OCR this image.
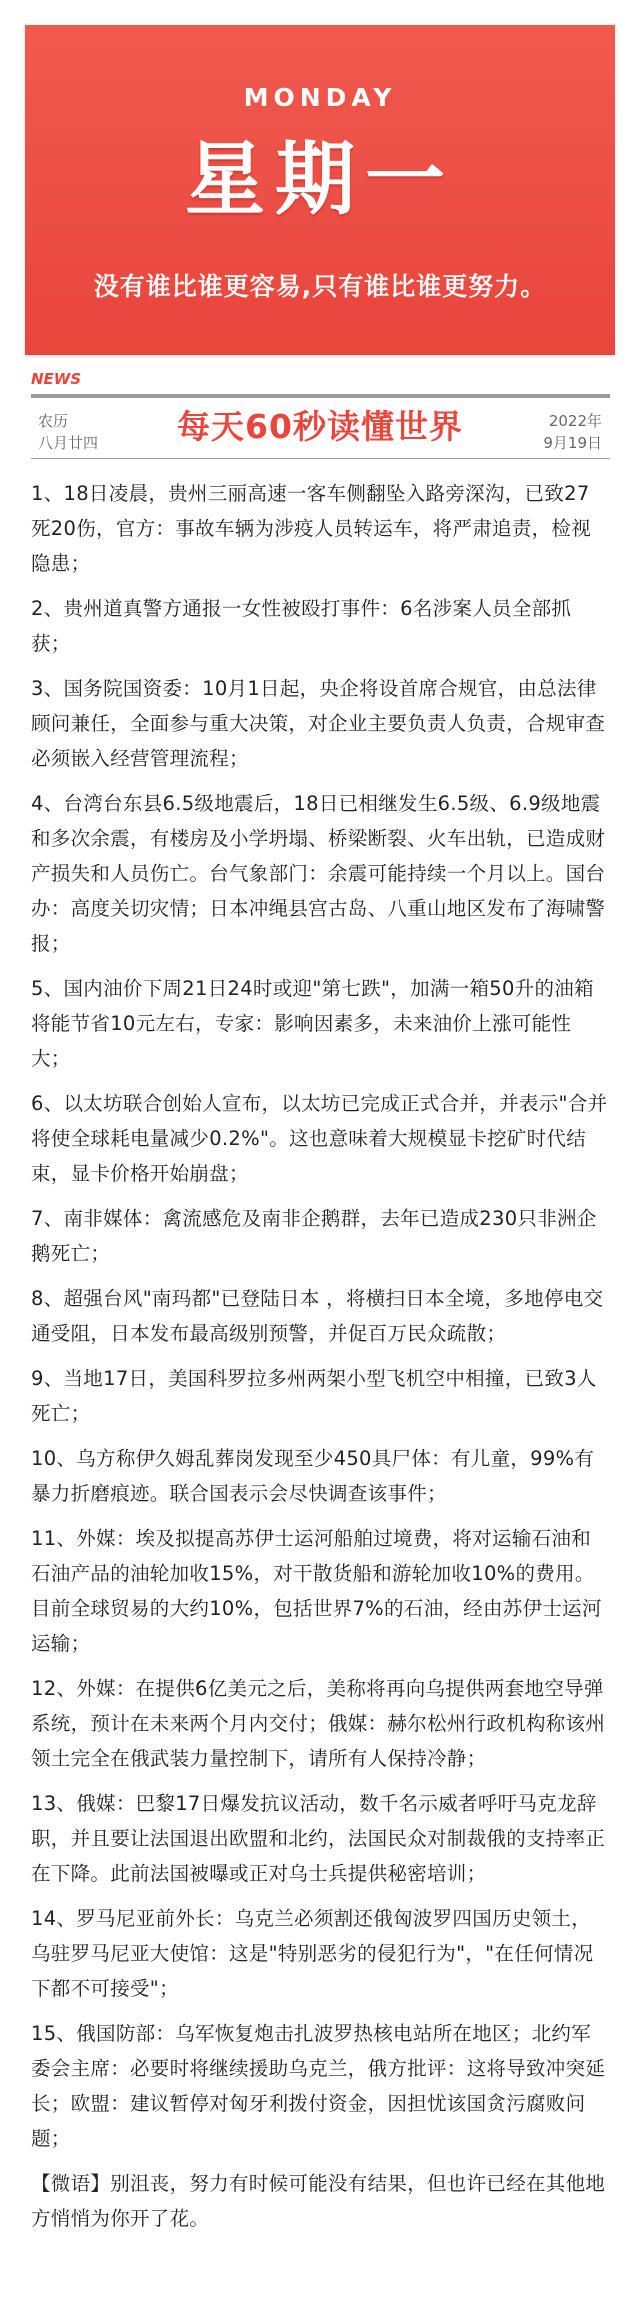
MONDAY
星期一
没有谁比谁更容易,只有谁比谁更努力。
NEWS
农历
八月廿四	每天60秒读懂世界	2022年
9月19日

1、18日凌晨，贵州三丽高速一客车侧翻坠入路旁深沟，已致27死20伤，官方：事故车辆为涉疫人员转运车，将严肃追责，检视隐患；

2、贵州道真警方通报一女性被殴打事件：6名涉案人员全部抓获；

3、国务院国资委：10月1日起，央企将设首席合规官，由总法律顾问兼任，全面参与重大决策，对企业主要负责人负责，合规审查必须嵌入经营管理流程；

4、台湾台东县6.5级地震后，18日已相继发生6.5级、6.9级地震和多次余震，有楼房及小学坍塌、桥梁断裂、火车出轨，已造成财产损失和人员伤亡。台气象部门：余震可能持续一个月以上。国台办：高度关切灾情；日本冲绳县宫古岛、八重山地区发布了海啸警报；

5、国内油价下周21日24时或迎"第七跌"，加满一箱50升的油箱将能节省10元左右，专家：影响因素多，未来油价上涨可能性大；

6、以太坊联合创始人宣布，以太坊已完成正式合并，并表示"合并将使全球耗电量减少0.2%"。这也意味着大规模显卡挖矿时代结束，显卡价格开始崩盘；

7、南非媒体：禽流感危及南非企鹅群，去年已造成230只非洲企鹅死亡；

8、超强台风"南玛都"已登陆日本 ，将横扫日本全境，多地停电交通受阻，日本发布最高级别预警，并促百万民众疏散；

9、当地17日，美国科罗拉多州两架小型飞机空中相撞，已致3人死亡；

10、乌方称伊久姆乱葬岗发现至少450具尸体：有儿童，99%有暴力折磨痕迹。联合国表示会尽快调查该事件；

11、外媒：埃及拟提高苏伊士运河船舶过境费，将对运输石油和石油产品的油轮加收15%，对干散货船和游轮加收10%的费用。目前全球贸易的大约10%，包括世界7%的石油，经由苏伊士运河运输；

12、外媒：在提供6亿美元之后，美称将再向乌提供两套地空导弹系统，预计在未来两个月内交付；俄媒：赫尔松州行政机构称该州领土完全在俄武装力量控制下，请所有人保持冷静；

13、俄媒：巴黎17日爆发抗议活动，数千名示威者呼吁马克龙辞职，并且要让法国退出欧盟和北约，法国民众对制裁俄的支持率正在下降。此前法国被曝或正对乌士兵提供秘密培训；

14、罗马尼亚前外长：乌克兰必须割还俄匈波罗四国历史领土，乌驻罗马尼亚大使馆：这是"特别恶劣的侵犯行为"，"在任何情况下都不可接受"；

15、俄国防部：乌军恢复炮击扎波罗热核电站所在地区；北约军委会主席：必要时将继续援助乌克兰，俄方批评：这将导致冲突延长；欧盟：建议暂停对匈牙利拨付资金，因担忧该国贪污腐败问题；

【微语】别沮丧，努力有时候可能没有结果，但也许已经在其他地方悄悄为你开了花。
